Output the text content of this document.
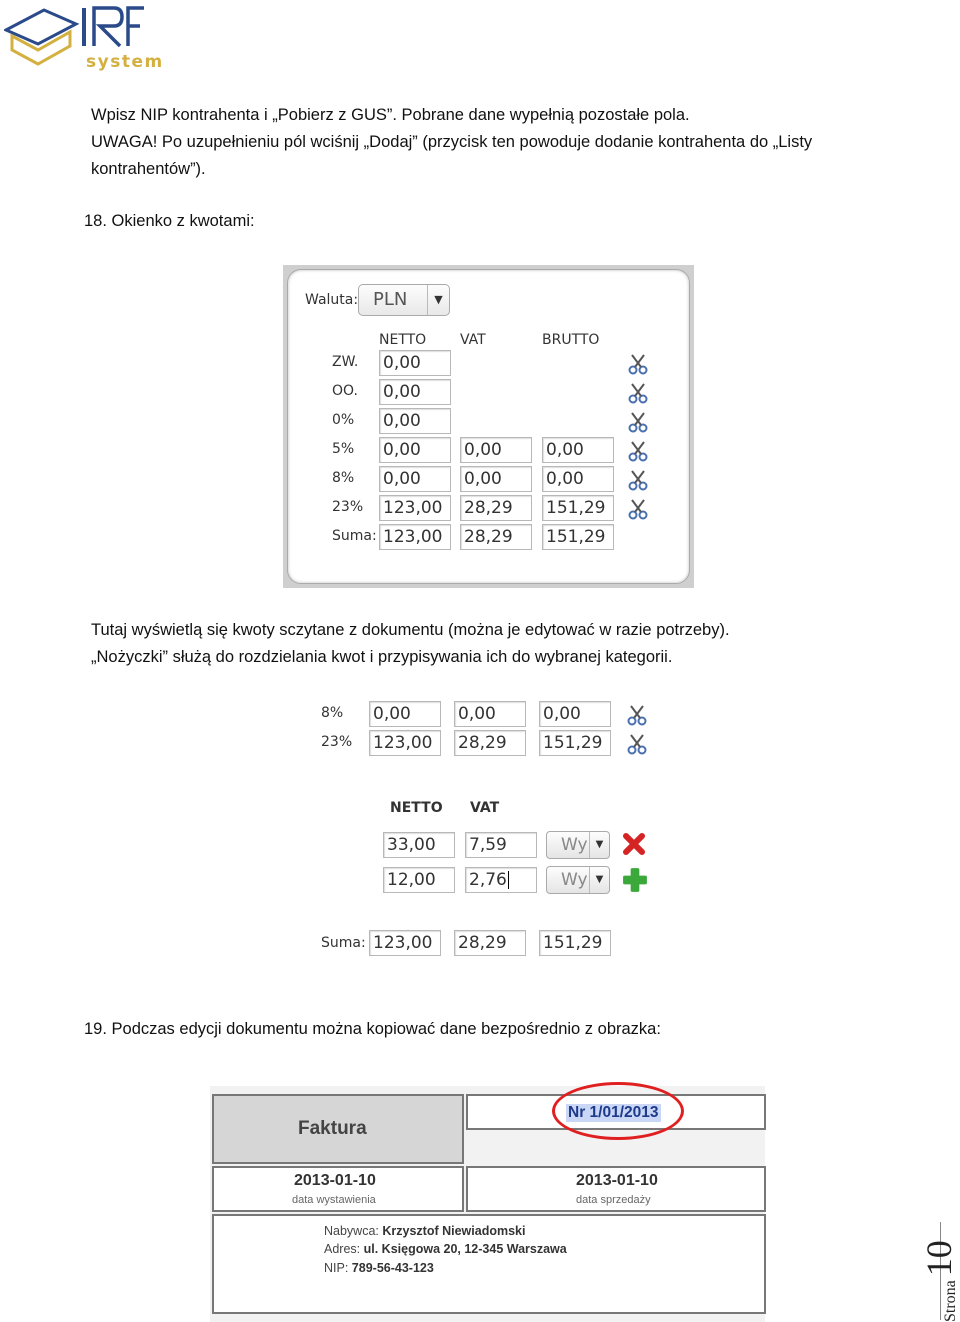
system
Wpisz NIP kontrahenta i „Pobierz z GUS”. Pobrane dane wypełnią pozostałe pola.
UWAGA! Po uzupełnieniu pól wciśnij „Dodaj” (przycisk ten powoduje dodanie kontrahenta do „Listy
kontrahentów”).
18. Okienko z kwotami:
Waluta: PLN	▼
NETTO VAT	BRUTTO
ZW. 0,00
OO. 0,00
0% 0,00
5% 0,00	0,00	0,00
8% 0,00	0,00	0,00
23% 123,00	28,29	151,29
Suma: 123,00	28,29	151,29
Tutaj wyświetlą się kwoty sczytane z dokumentu (można je edytować w razie potrzeby).
„Nożyczki” służą do rozdzielania kwot i przypisywania ich do wybranej kategorii.
8% 0,00	0,00	0,00
23% 123,00	28,29	151,29
NETTO VAT
33,00	7,59	Wy ▼
12,00	2,76	Wy ▼
Suma: 123,00	28,29	151,29
19. Podczas edycji dokumentu można kopiować dane bezpośrednio z obrazka:
Faktura
Nr 1/01/2013
2013-01-10
data wystawienia
2013-01-10
data sprzedaży
Nabywca: Krzysztof Niewiadomski
Adres: ul. Księgowa 20, 12-345 Warszawa
NIP: 789-56-43-123
Strona10
